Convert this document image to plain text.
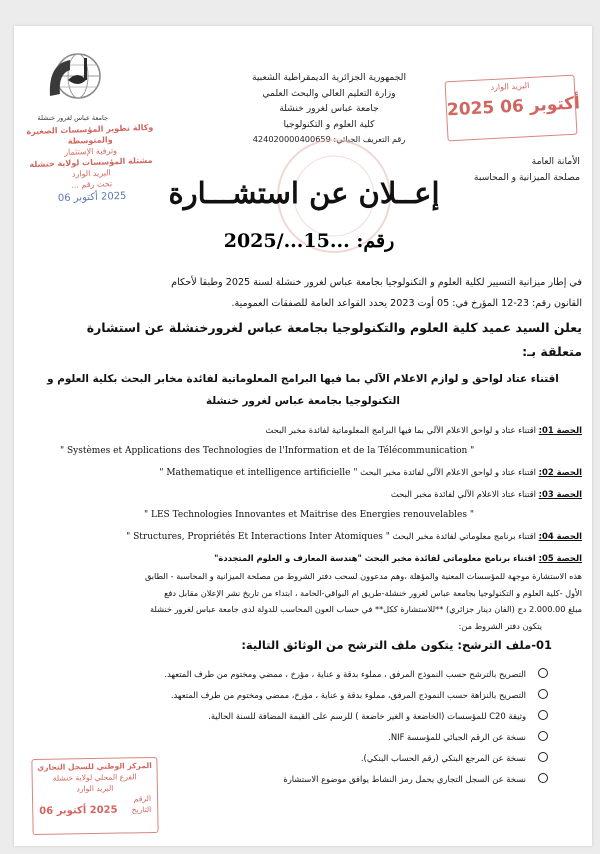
الجمهورية الجزائرية الديمقراطية الشعبية
وزارة التعليم العالي والبحث العلمي
جامعة عباس لغرور خنشلة
كلية العلوم و التكنولوجيا
رقم التعريف الجبائي: 424020000400659
الأمانة العامة
مصلحة الميزانية و المحاسبة
جامعة عباس لغرور خنشلة
وكالة تطوير المؤسسات الصغيرة والمتوسطة
وترقية الإستثمار
مشتلة المؤسسات لولاية خنشلة
البريد الوارد
تحت رقم ...
2025 أكتوبر 06
البريد الوارد
2025 أكتوبر 06
إعــلان عن استشـــارة
رقم: ...15.../2025
في إطار ميزانية التسيير لكلية العلوم و التكنولوجيا بجامعة عباس لغرور خنشلة لسنة 2025 وطبقا لأحكام
القانون رقم: 23-12 المؤرخ في: 05 أوت 2023 يحدد القواعد العامة للصفقات العمومية.
يعلن السيد عميد كلية العلوم والتكنولوجيا بجامعة عباس لغرورخنشلة عن استشارة
متعلقة بـ:
اقتناء عتاد لواحق و لوازم الاعلام الآلي بما فيها البرامج المعلوماتية لفائدة مخابر البحث بكلية العلوم و
التكنولوجيا بجامعة عباس لغرور خنشلة
الحصة 01: اقتناء عتاد و لواحق الاعلام الآلي بما فيها البرامج المعلوماتية لفائدة مخبر البحث
" Systèmes et Applications des Technologies de l'Information et de la Télécommunication "
الحصة 02: اقتناء عتاد و لواحق الاعلام الآلي لفائدة مخبر البحث " Mathematique et intelligence artificielle "
الحصة 03: اقتناء عتاد الاعلام الآلي لفائدة مخبر البحث
" LES Technologies Innovantes et Maitrise des Energies renouvelables "
الحصة 04: اقتناء برنامج معلوماتي لفائدة مخبر البحث " Structures, Propriétés Et Interactions Inter Atomiques "
الحصة 05: اقتناء برنامج معلوماتي لفائدة مخبر البحث "هندسة المعارف و العلوم المتجددة"
هذه الاستشارة موجهة للمؤسسات المعنية والمؤهلة ،وهم مدعوون لسحب دفتر الشروط من مصلحة الميزانية و المحاسبة - الطابق
الأول -كلية العلوم و التكنولوجيا بجامعة عباس لغرور خنشلة-طريق ام البواقي-الحامة ، ابتداء من تاريخ نشر الإعلان مقابل دفع
مبلغ 2.000.00 دج (الفان دينار جزائري) **للاستشارة ككل** في حساب العون المحاسب للدولة لدى جامعة عباس لغرور خنشلة
يتكون دفتر الشروط من:
01-ملف الترشح: يتكون ملف الترشح من الوثائق التالية:
التصريح بالترشح حسب النموذج المرفق ، مملوء بدقة و عناية ، مؤرخ ، ممضي ومختوم من طرف المتعهد.
التصريح بالنزاهة حسب النموذج المرفق، مملوء بدقة و عناية ، مؤرخ، ممضي ومختوم من طرف المتعهد.
وثيقة C20 للمؤسسات (الخاضعة و الغير خاضعة ) للرسم على القيمة المضافة للسنة الحالية.
نسخة عن الرقم الجبائي للمؤسسة NIF.
نسخة عن المرجع البنكي (رقم الحساب البنكي).
نسخة عن السجل التجاري يحمل رمز النشاط يوافق موضوع الاستشارة
المركز الوطني للسجل التجاري
الفرع المحلي لولاية خنشلة
البريد الوارد
الرقم
التاريخ
2025 أكتوبر 06
